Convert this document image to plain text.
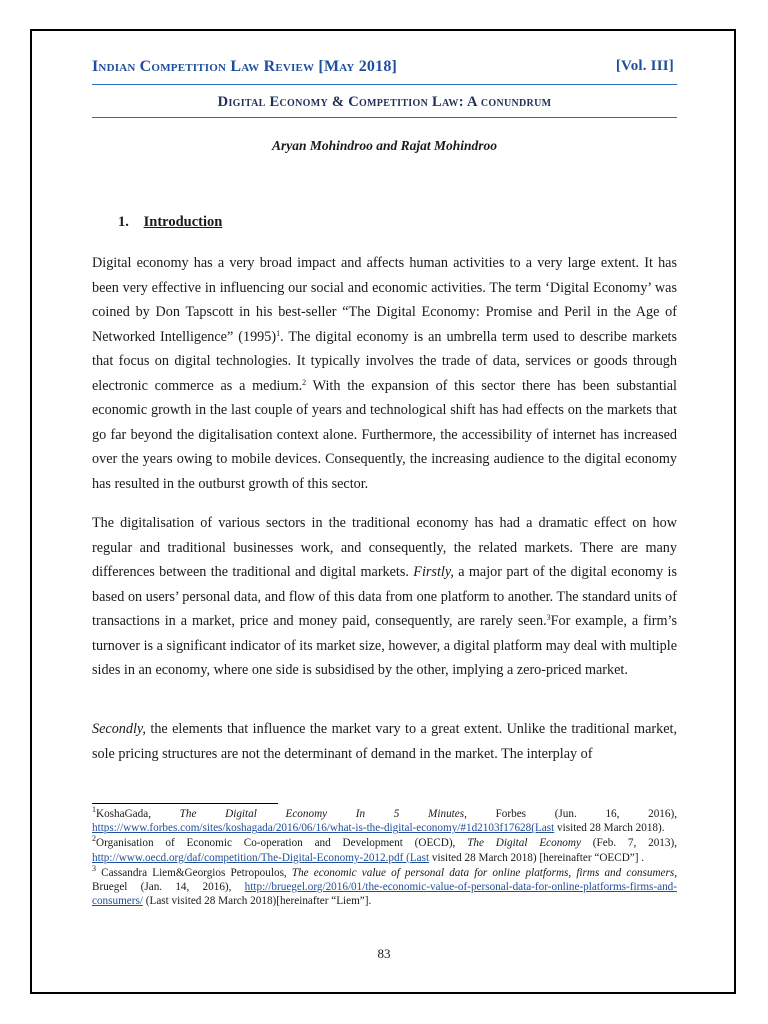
Indian Competition Law Review [May 2018]	[Vol. III]
Digital Economy & Competition Law: A conundrum
Aryan Mohindroo and Rajat Mohindroo
1. Introduction

Digital economy has a very broad impact and affects human activities to a very large extent. It has been very effective in influencing our social and economic activities. The term ‘Digital Economy’ was coined by Don Tapscott in his best-seller “The Digital Economy: Promise and Peril in the Age of Networked Intelligence” $(1995)^1$. The digital economy is an umbrella term used to describe markets that focus on digital technologies. It typically involves the trade of data, services or goods through electronic commerce as a medium.$^2$ With the expansion of this sector there has been substantial economic growth in the last couple of years and technological shift has had effects on the markets that go far beyond the digitalisation context alone. Furthermore, the accessibility of internet has increased over the years owing to mobile devices. Consequently, the increasing audience to the digital economy has resulted in the outburst growth of this sector.

The digitalisation of various sectors in the traditional economy has had a dramatic effect on how regular and traditional businesses work, and consequently, the related markets. There are many differences between the traditional and digital markets. Firstly, a major part of the digital economy is based on users’ personal data, and flow of this data from one platform to another. The standard units of transactions in a market, price and money paid, consequently, are rarely seen.$^3$For example, a firm’s turnover is a significant indicator of its market size, however, a digital platform may deal with multiple sides in an economy, where one side is subsidised by the other, implying a zero-priced market.

Secondly, the elements that influence the market vary to a great extent. Unlike the traditional market, sole pricing structures are not the determinant of demand in the market. The interplay of

$^1$KoshaGada, The Digital Economy In 5 Minutes, Forbes (Jun. 16, 2016), https://www.forbes.com/sites/koshagada/2016/06/16/what-is-the-digital-economy/#1d2103f17628(Last visited 28 March 2018).

$^2$Organisation of Economic Co-operation and Development (OECD), The Digital Economy (Feb. 7, 2013), http://www.oecd.org/daf/competition/The-Digital-Economy-2012.pdf (Last visited 28 March 2018) [hereinafter “OECD”] .

$^3$ Cassandra Liem&Georgios Petropoulos, The economic value of personal data for online platforms, firms and consumers, Bruegel (Jan. 14, 2016), http://bruegel.org/2016/01/the-economic-value-of-personal-data-for-online-platforms-firms-and-consumers/ (Last visited 28 March 2018)[hereinafter “Liem”].

83
